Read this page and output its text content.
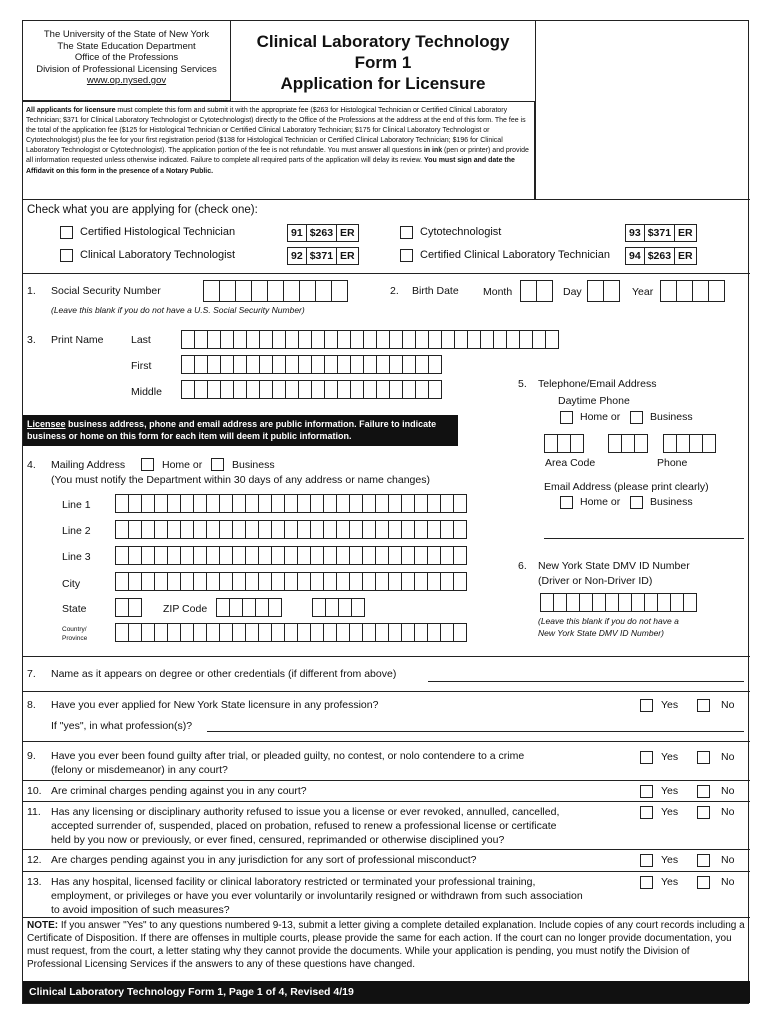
The University of the State of New York
The State Education Department
Office of the Professions
Division of Professional Licensing Services
www.op.nysed.gov
Clinical Laboratory Technology
Form 1
Application for Licensure
All applicants for licensure must complete this form and submit it with the appropriate fee ($263 for Histological Technician or Certified Clinical Laboratory Technician; $371 for Clinical Laboratory Technologist or Cytotechnologist) directly to the Office of the Professions at the address at the end of this form. The fee is the total of the application fee ($125 for Histological Technician or Certified Clinical Laboratory Technician; $175 for Clinical Laboratory Technologist or Cytotechnologist) plus the fee for your first registration period ($138 for Histological Technician or Certified Clinical Laboratory Technician; $196 for Clinical Laboratory Technologist or Cytotechnologist). The application portion of the fee is not refundable. You must answer all questions in ink (pen or printer) and provide all information requested unless otherwise indicated. Failure to complete all required parts of the application will delay its review. You must sign and date the Affidavit on this form in the presence of a Notary Public.
Check what you are applying for (check one):
Certified Histological Technician	91 $263 ER
Clinical Laboratory Technologist	92 $371 ER
Cytotechnologist	93 $371 ER
Certified Clinical Laboratory Technician 94 $263 ER
1. Social Security Number
(Leave this blank if you do not have a U.S. Social Security Number)
2. Birth Date Month	Day	Year
3. Print Name	Last
First
Middle
Licensee business address, phone and email address are public information. Failure to indicate business or home on this form for each item will deem it public information.
4. Mailing Address	Home or	Business
(You must notify the Department within 30 days of any address or name changes)
Line 1
Line 2
Line 3
City
State	ZIP Code
Country/
Province
5. Telephone/Email Address
Daytime Phone
Home or	Business
Area Code	Phone
Email Address (please print clearly)
Home or	Business
6. New York State DMV ID Number
(Driver or Non-Driver ID)
(Leave this blank if you do not have a
New York State DMV ID Number)
7. Name as it appears on degree or other credentials (if different from above)
8. Have you ever applied for New York State licensure in any profession?
If "yes", in what profession(s)?
Yes	No
9. Have you ever been found guilty after trial, or pleaded guilty, no contest, or nolo contendere to a crime
(felony or misdemeanor) in any court?
Yes	No
10. Are criminal charges pending against you in any court?	Yes	No
11. Has any licensing or disciplinary authority refused to issue you a license or ever revoked, annulled, cancelled,
accepted surrender of, suspended, placed on probation, refused to renew a professional license or certificate
held by you now or previously, or ever fined, censured, reprimanded or otherwise disciplined you?
Yes	No
12. Are charges pending against you in any jurisdiction for any sort of professional misconduct?	Yes	No
13. Has any hospital, licensed facility or clinical laboratory restricted or terminated your professional training,
employment, or privileges or have you ever voluntarily or involuntarily resigned or withdrawn from such association
to avoid imposition of such measures?
Yes	No
NOTE: If you answer "Yes" to any questions numbered 9-13, submit a letter giving a complete detailed explanation. Include copies of any court records including a Certificate of Disposition. If there are offenses in multiple courts, please provide the same for each action. If the court can no longer provide documentation, you must request, from the court, a letter stating why they cannot provide the documents. While your application is pending, you must notify the Division of Professional Licensing Services if the answers to any of these questions have changed.
Clinical Laboratory Technology Form 1, Page 1 of 4, Revised 4/19
